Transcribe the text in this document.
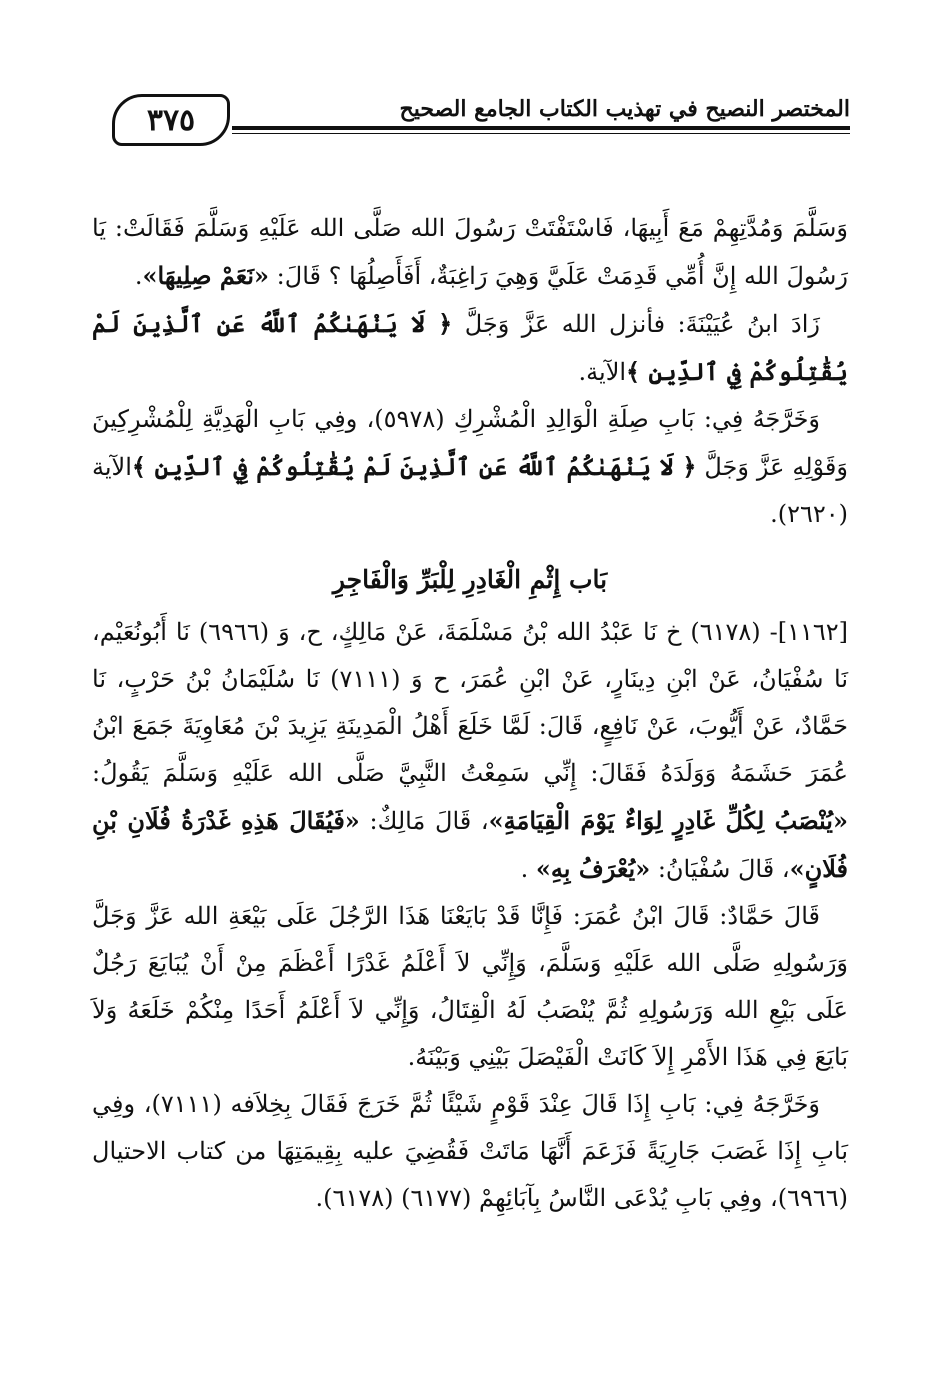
٣٧٥	المختصر النصيح في تهذيب الكتاب الجامع الصحيح

وَسَلَّمَ وَمُدَّتِهِمْ مَعَ أَبِيهَا، فَاسْتَفْتَتْ رَسُولَ الله صَلَّى الله عَلَيْهِ وَسَلَّمَ فَقَالَتْ: يَا رَسُولَ الله إِنَّ أُمِّي قَدِمَتْ عَلَيَّ وَهِيَ رَاغِبَةٌ، أَفَأَصِلُهَا ؟ قَالَ: «نَعَمْ صِلِيهَا».

زَادَ ابنُ عُيَيْنَةَ: فأنزل الله عَزَّ وَجَلَّ ﴿ لَا يَنْهَىٰكُمُ ٱللَّهُ عَنِ ٱلَّذِينَ لَمْ يُقَٰتِلُوكُمْ فِي ٱلدِّينِ ﴾الآية.

وَخَرَّجَهُ فِي: بَابِ صِلَةِ الْوَالِدِ الْمُشْرِكِ (٥٩٧٨)، وفِي بَابِ الْهَدِيَّةِ لِلْمُشْرِكِينَ وَقَوْلِهِ عَزَّ وَجَلَّ ﴿ لَا يَنْهَىٰكُمُ ٱللَّهُ عَنِ ٱلَّذِينَ لَمْ يُقَٰتِلُوكُمْ فِي ٱلدِّينِ ﴾الآية (٢٦٢٠).

بَاب إِثْمِ الْغَادِرِ لِلْبَرِّ وَالْفَاجِرِ

[١١٦٢]- (٦١٧٨) خ نَا عَبْدُ الله بْنُ مَسْلَمَةَ، عَنْ مَالِكٍ، ح، وَ (٦٩٦٦) نَا أَبُونُعَيْم، نَا سُفْيَانُ، عَنْ ابْنِ دِينَارٍ، عَنْ ابْنِ عُمَرَ، ح وَ (٧١١١) نَا سُلَيْمَانُ بْنُ حَرْبٍ، نَا حَمَّادٌ، عَنْ أَيُّوبَ، عَنْ نَافِعٍ، قَالَ: لَمَّا خَلَعَ أَهْلُ الْمَدِينَةِ يَزِيدَ بْنَ مُعَاوِيَةَ جَمَعَ ابْنُ عُمَرَ حَشَمَهُ وَوَلَدَهُ فَقَالَ: إِنِّي سَمِعْتُ النَّبِيَّ صَلَّى الله عَلَيْهِ وَسَلَّمَ يَقُولُ: «يُنْصَبُ لِكُلِّ غَادِرٍ لِوَاءٌ يَوْمَ الْقِيَامَةِ»، قَالَ مَالِكٌ: «فَيُقَالَ هَذِهِ غَدْرَةُ فُلَانِ بْنِ فُلَانٍ»، قَالَ سُفْيَانُ: «يُعْرَفُ بِهِ» .

قَالَ حَمَّادٌ: قَالَ ابْنُ عُمَرَ: فَإِنَّا قَدْ بَايَعْنَا هَذَا الرَّجُلَ عَلَى بَيْعَةِ الله عَزَّ وَجَلَّ وَرَسُولِهِ صَلَّى الله عَلَيْهِ وَسَلَّمَ، وَإِنِّي لاَ أَعْلَمُ غَدْرًا أَعْظَمَ مِنْ أَنْ يُبَايَعَ رَجُلٌ عَلَى بَيْعِ الله وَرَسُولِهِ ثُمَّ يُنْصَبُ لَهُ الْقِتَالُ، وَإِنِّي لاَ أَعْلَمُ أَحَدًا مِنْكُمْ خَلَعَهُ وَلاَ بَايَعَ فِي هَذَا الأَمْرِ إِلاَ كَانَتْ الْفَيْصَلَ بَيْنِي وَبَيْنَهُ.

وَخَرَّجَهُ فِي: بَابِ إِذَا قَالَ عِنْدَ قَوْمٍ شَيْئًا ثُمَّ خَرَجَ فَقَالَ بِخِلاَفه (٧١١١)، وفِي بَابِ إِذَا غَصَبَ جَارِيَةً فَزَعَمَ أَنَّهَا مَاتَتْ فَقُضِيَ عليه بِقِيمَتِهَا من كتاب الاحتيال (٦٩٦٦)، وفِي بَابِ يُدْعَى النَّاسُ بِآبَائِهِمْ (٦١٧٧) (٦١٧٨).
